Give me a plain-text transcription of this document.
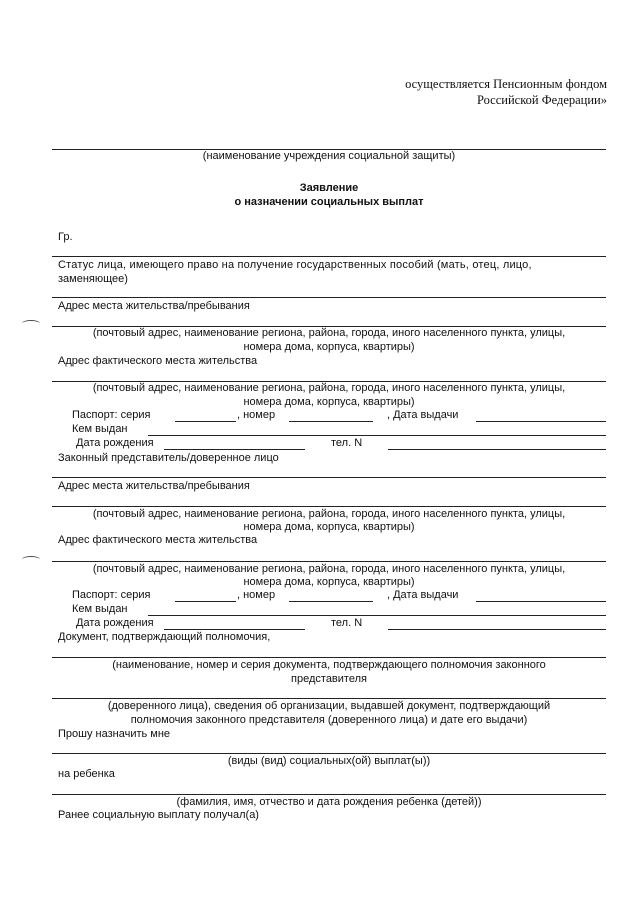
осуществляется Пенсионным фондом
Российской Федерации»
(наименование учреждения социальной защиты)
Заявление
о назначении социальных выплат
Гр.
Статус лица, имеющего право на получение государственных пособий (мать, отец, лицо,
заменяющее)
Адрес места жительства/пребывания
(почтовый адрес, наименование региона, района, города, иного населенного пункта, улицы,
номера дома, корпуса, квартиры)
Адрес фактического места жительства
(почтовый адрес, наименование региона, района, города, иного населенного пункта, улицы,
номера дома, корпуса, квартиры)
Паспорт: серия	, номер	, Дата выдачи
Кем выдан
Дата рождения	тел. N
Законный представитель/доверенное лицо
Адрес места жительства/пребывания
(почтовый адрес, наименование региона, района, города, иного населенного пункта, улицы,
номера дома, корпуса, квартиры)
Адрес фактического места жительства
(почтовый адрес, наименование региона, района, города, иного населенного пункта, улицы,
номера дома, корпуса, квартиры)
Паспорт: серия	, номер	, Дата выдачи
Кем выдан
Дата рождения	тел. N
Документ, подтверждающий полномочия,
(наименование, номер и серия документа, подтверждающего полномочия законного
представителя
(доверенного лица), сведения об организации, выдавшей документ, подтверждающий
полномочия законного представителя (доверенного лица) и дате его выдачи)
Прошу назначить мне
(виды (вид) социальных(ой) выплат(ы))
на ребенка
(фамилия, имя, отчество и дата рождения ребенка (детей))
Ранее социальную выплату получал(а)
